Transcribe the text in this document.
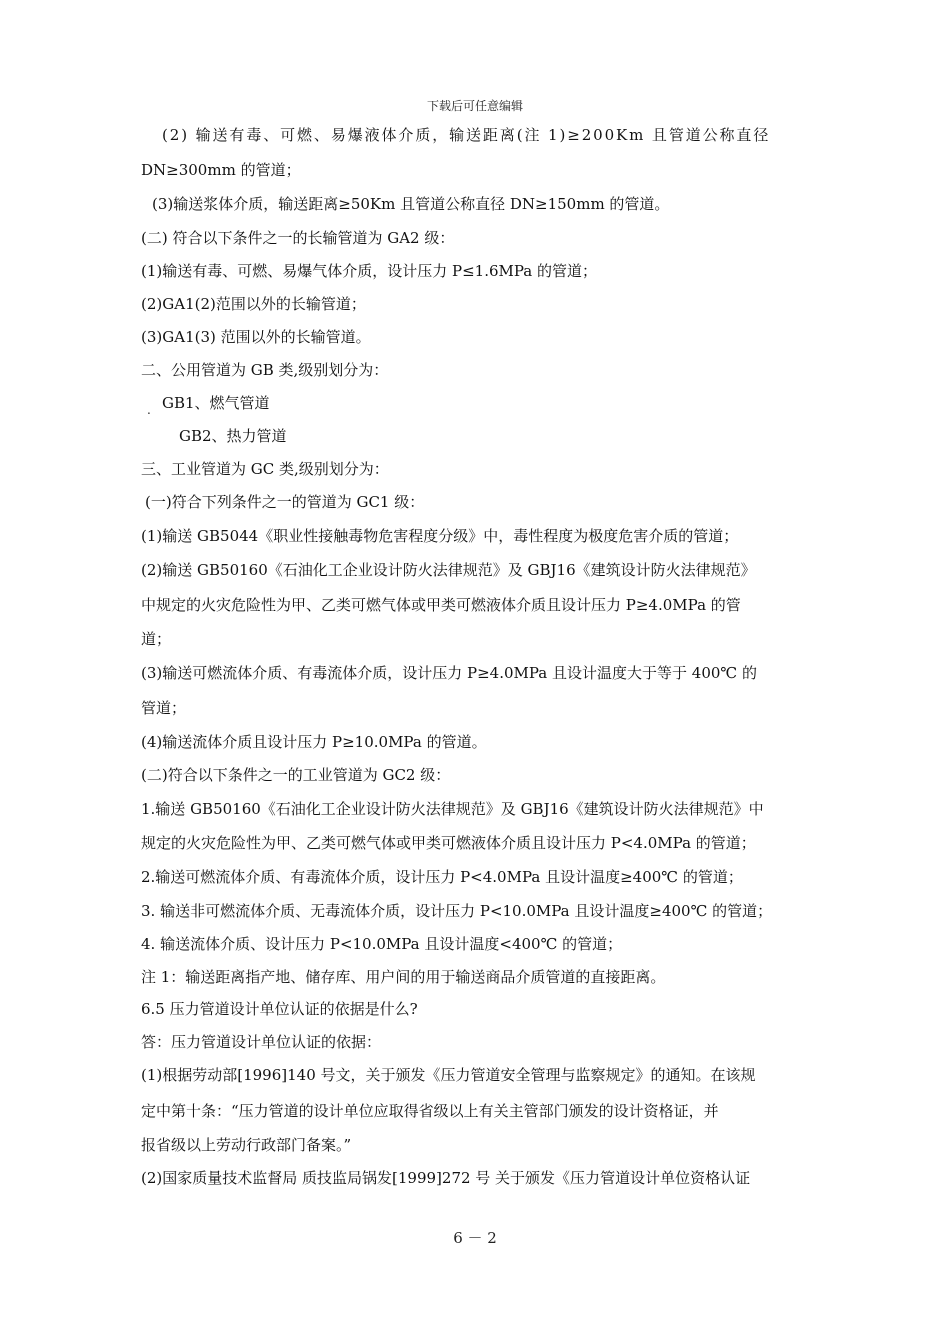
下载后可任意编辑
(2) 输送有毒、可燃、易爆液体介质，输送距离(注 1)≥200Km 且管道公称直径
DN≥300mm 的管道；
(3)输送浆体介质，输送距离≥50Km 且管道公称直径 DN≥150mm 的管道。
(二) 符合以下条件之一的长输管道为 GA2 级：
(1)输送有毒、可燃、易爆气体介质，设计压力 P≤1.6MPa 的管道；
(2)GA1(2)范围以外的长输管道；
(3)GA1(3) 范围以外的长输管道。
二、公用管道为 GB 类,级别划分为：
. GB1、燃气管道
GB2、热力管道
三、工业管道为 GC 类,级别划分为：
(一)符合下列条件之一的管道为 GC1 级：
(1)输送 GB5044《职业性接触毒物危害程度分级》中，毒性程度为极度危害介质的管道；
(2)输送 GB50160《石油化工企业设计防火法律规范》及 GBJ16《建筑设计防火法律规范》
中规定的火灾危险性为甲、乙类可燃气体或甲类可燃液体介质且设计压力 P≥4.0MPa 的管
道；
(3)输送可燃流体介质、有毒流体介质，设计压力 P≥4.0MPa 且设计温度大于等于 400℃ 的
管道；
(4)输送流体介质且设计压力 P≥10.0MPa 的管道。
(二)符合以下条件之一的工业管道为 GC2 级：
1.输送 GB50160《石油化工企业设计防火法律规范》及 GBJ16《建筑设计防火法律规范》中
规定的火灾危险性为甲、乙类可燃气体或甲类可燃液体介质且设计压力 P<4.0MPa 的管道；
2.输送可燃流体介质、有毒流体介质，设计压力 P<4.0MPa 且设计温度≥400℃ 的管道；
3. 输送非可燃流体介质、无毒流体介质，设计压力 P<10.0MPa 且设计温度≥400℃ 的管道；
4. 输送流体介质、设计压力 P<10.0MPa 且设计温度<400℃ 的管道；
注 1：输送距离指产地、储存库、用户间的用于输送商品介质管道的直接距离。
6.5 压力管道设计单位认证的依据是什么?
答：压力管道设计单位认证的依据：
(1)根据劳动部[1996]140 号文，关于颁发《压力管道安全管理与监察规定》的通知。在该规
定中第十条：“压力管道的设计单位应取得省级以上有关主管部门颁发的设计资格证，并
报省级以上劳动行政部门备案。”
(2)国家质量技术监督局 质技监局锅发[1999]272 号 关于颁发《压力管道设计单位资格认证
6 － 2
